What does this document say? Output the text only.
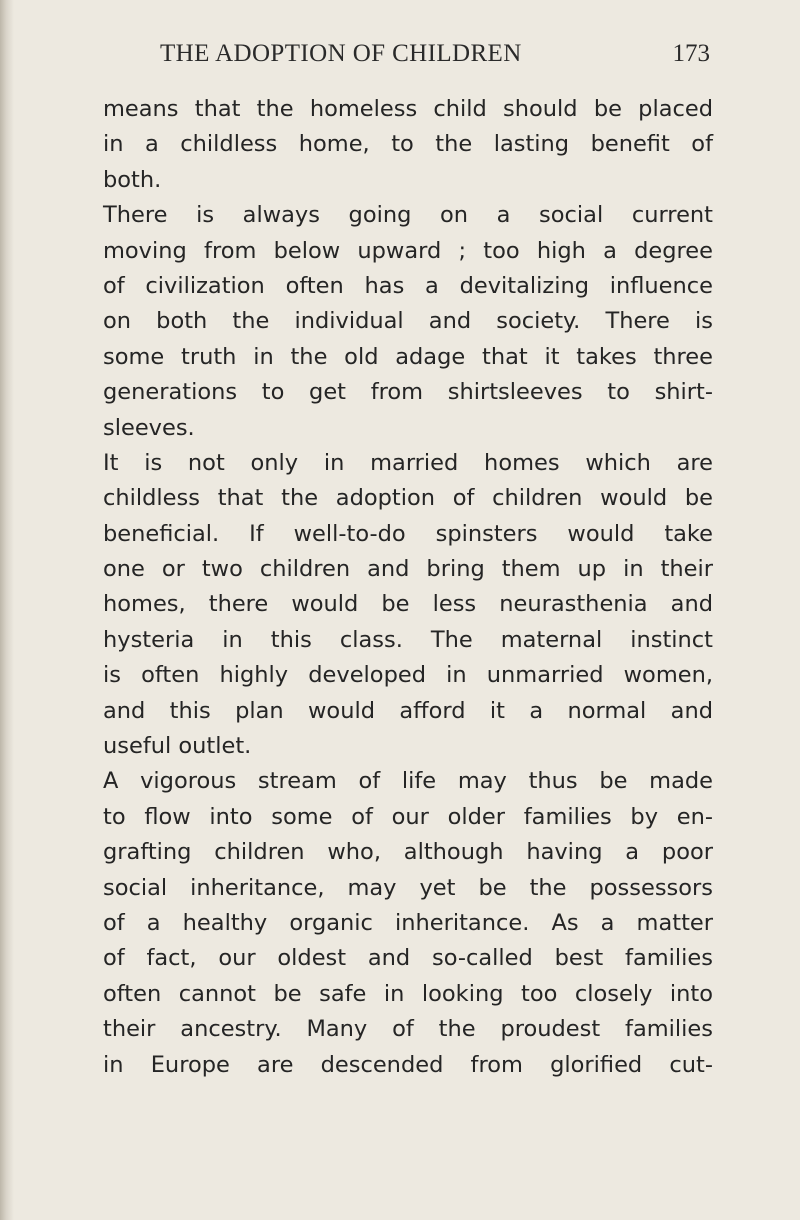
THE ADOPTION OF CHILDREN	173
means that the homeless child should be placed
in a childless home, to the lasting benefit of
both.
There is always going on a social current
moving from below upward ; too high a degree
of civilization often has a devitalizing influence
on both the individual and society. There is
some truth in the old adage that it takes three
generations to get from shirtsleeves to shirt-
sleeves.
It is not only in married homes which are
childless that the adoption of children would be
beneficial. If well-to-do spinsters would take
one or two children and bring them up in their
homes, there would be less neurasthenia and
hysteria in this class. The maternal instinct
is often highly developed in unmarried women,
and this plan would afford it a normal and
useful outlet.
A vigorous stream of life may thus be made
to flow into some of our older families by en-
grafting children who, although having a poor
social inheritance, may yet be the possessors
of a healthy organic inheritance. As a matter
of fact, our oldest and so-called best families
often cannot be safe in looking too closely into
their ancestry. Many of the proudest families
in Europe are descended from glorified cut-
